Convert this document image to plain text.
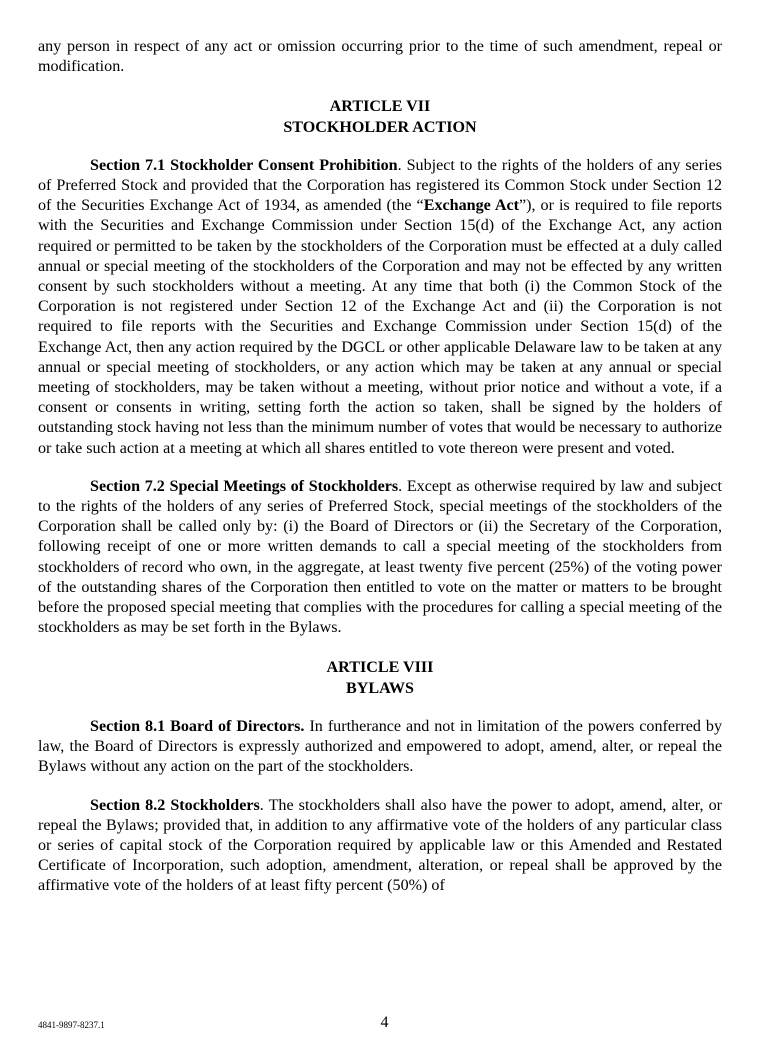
any person in respect of any act or omission occurring prior to the time of such amendment, repeal or modification.

ARTICLE VII

STOCKHOLDER ACTION

Section 7.1 Stockholder Consent Prohibition. Subject to the rights of the holders of any series of Preferred Stock and provided that the Corporation has registered its Common Stock under Section 12 of the Securities Exchange Act of 1934, as amended (the “Exchange Act”), or is required to file reports with the Securities and Exchange Commission under Section 15(d) of the Exchange Act, any action required or permitted to be taken by the stockholders of the Corporation must be effected at a duly called annual or special meeting of the stockholders of the Corporation and may not be effected by any written consent by such stockholders without a meeting. At any time that both (i) the Common Stock of the Corporation is not registered under Section 12 of the Exchange Act and (ii) the Corporation is not required to file reports with the Securities and Exchange Commission under Section 15(d) of the Exchange Act, then any action required by the DGCL or other applicable Delaware law to be taken at any annual or special meeting of stockholders, or any action which may be taken at any annual or special meeting of stockholders, may be taken without a meeting, without prior notice and without a vote, if a consent or consents in writing, setting forth the action so taken, shall be signed by the holders of outstanding stock having not less than the minimum number of votes that would be necessary to authorize or take such action at a meeting at which all shares entitled to vote thereon were present and voted.

Section 7.2 Special Meetings of Stockholders. Except as otherwise required by law and subject to the rights of the holders of any series of Preferred Stock, special meetings of the stockholders of the Corporation shall be called only by: (i) the Board of Directors or (ii) the Secretary of the Corporation, following receipt of one or more written demands to call a special meeting of the stockholders from stockholders of record who own, in the aggregate, at least twenty five percent (25%) of the voting power of the outstanding shares of the Corporation then entitled to vote on the matter or matters to be brought before the proposed special meeting that complies with the procedures for calling a special meeting of the stockholders as may be set forth in the Bylaws.

ARTICLE VIII

BYLAWS

Section 8.1 Board of Directors. In furtherance and not in limitation of the powers conferred by law, the Board of Directors is expressly authorized and empowered to adopt, amend, alter, or repeal the Bylaws without any action on the part of the stockholders.

Section 8.2 Stockholders. The stockholders shall also have the power to adopt, amend, alter, or repeal the Bylaws; provided that, in addition to any affirmative vote of the holders of any particular class or series of capital stock of the Corporation required by applicable law or this Amended and Restated Certificate of Incorporation, such adoption, amendment, alteration, or repeal shall be approved by the affirmative vote of the holders of at least fifty percent (50%) of

4841-9897-8237.1	4
